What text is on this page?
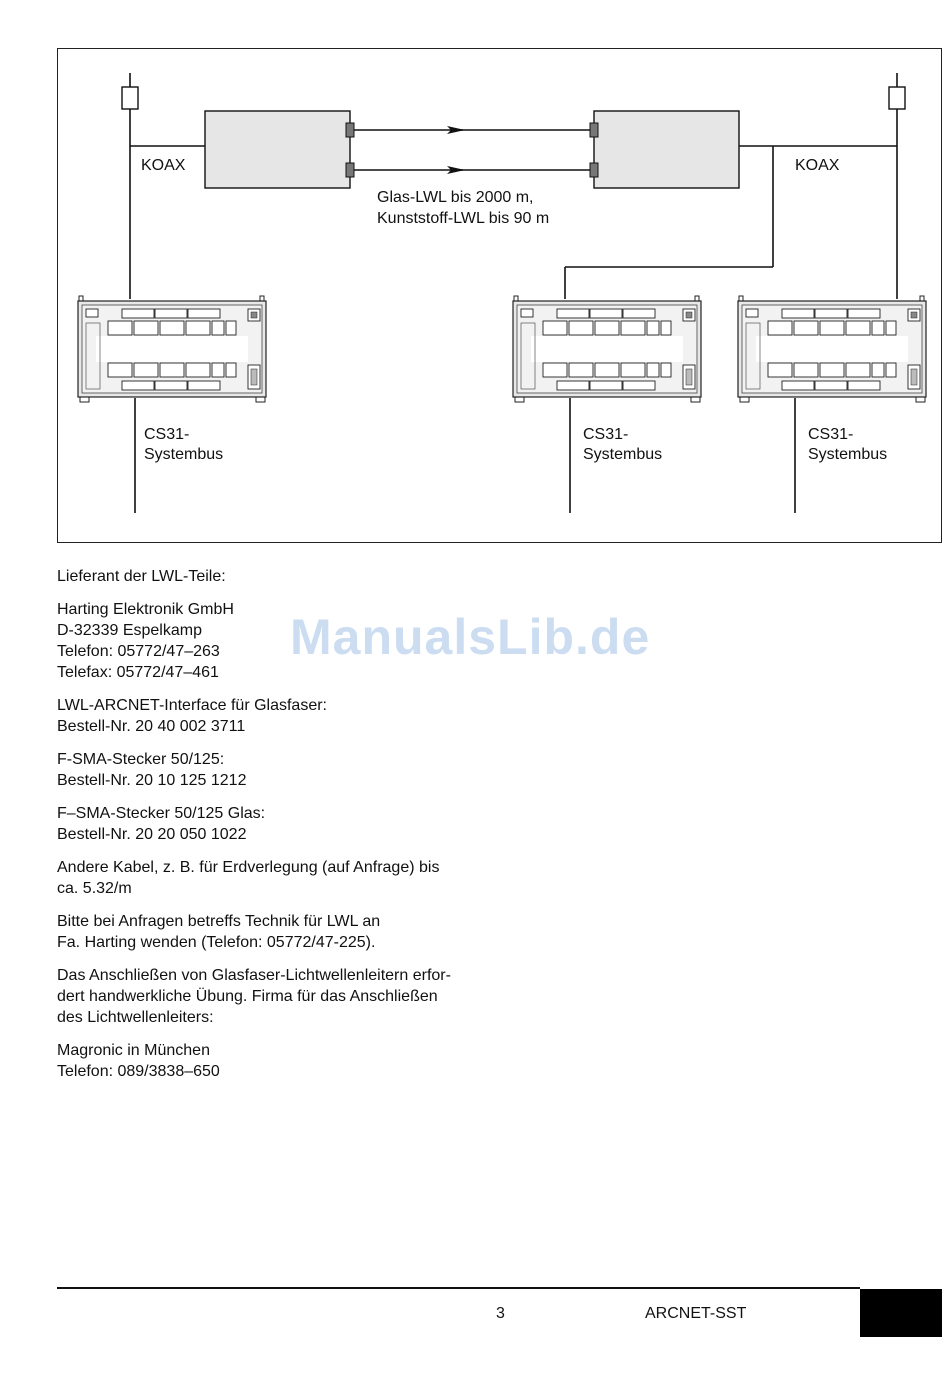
KOAX	KOAX
Glas-LWL bis 2000 m,
Kunststoff-LWL bis 90 m
CS31-
Systembus
CS31-
Systembus
CS31-
Systembus
ManualsLib.de

Lieferant der LWL-Teile:

Harting Elektronik GmbH
D-32339 Espelkamp
Telefon: 05772/47–263
Telefax: 05772/47–461

LWL-ARCNET-Interface für Glasfaser:
Bestell-Nr. 20 40 002 3711

F-SMA-Stecker 50/125:
Bestell-Nr. 20 10 125 1212

F–SMA-Stecker 50/125 Glas:
Bestell-Nr. 20 20 050 1022

Andere Kabel, z. B. für Erdverlegung (auf Anfrage) bis
ca. 5.32/m

Bitte bei Anfragen betreffs Technik für LWL an
Fa. Harting wenden (Telefon: 05772/47-225).

Das Anschließen von Glasfaser-Lichtwellenleitern erfor-
dert handwerkliche Übung. Firma für das Anschließen
des Lichtwellenleiters:

Magronic in München
Telefon: 089/3838–650

3	ARCNET-SST
